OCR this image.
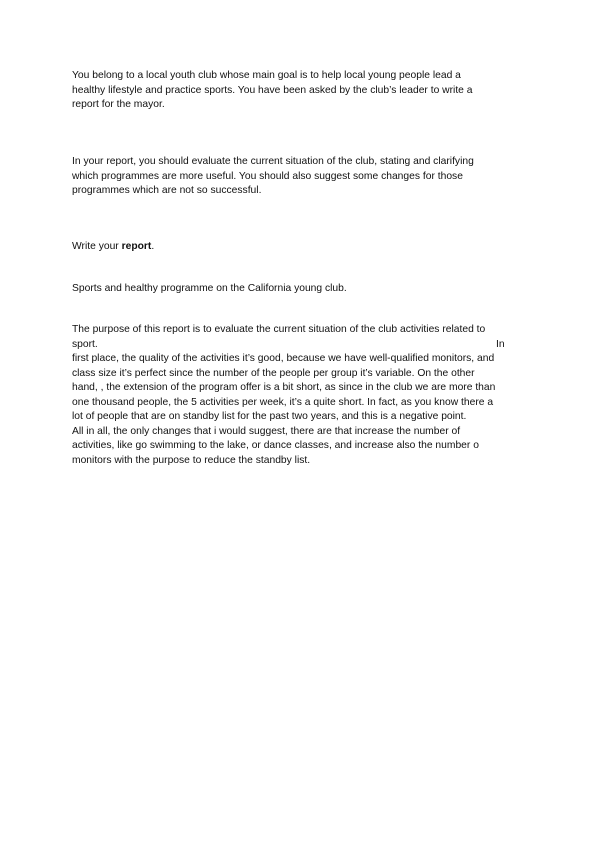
You belong to a local youth club whose main goal is to help local young people lead a
healthy lifestyle and practice sports. You have been asked by the club’s leader to write a
report for the mayor.
In your report, you should evaluate the current situation of the club, stating and clarifying
which programmes are more useful. You should also suggest some changes for those
programmes which are not so successful.
Write your report.
Sports and healthy programme on the California young club.
The purpose of this report is to evaluate the current situation of the club activities related to
sport.	In
first place, the quality of the activities it’s good, because we have well-qualified monitors, and
class size it’s perfect since the number of the people per group it’s variable. On the other
hand, , the extension of the program offer is a bit short, as since in the club we are more than
one thousand people, the 5 activities per week, it’s a quite short. In fact, as you know there a
lot of people that are on standby list for the past two years, and this is a negative point.
All in all, the only changes that i would suggest, there are that increase the number of
activities, like go swimming to the lake, or dance classes, and increase also the number o
monitors with the purpose to reduce the standby list.
